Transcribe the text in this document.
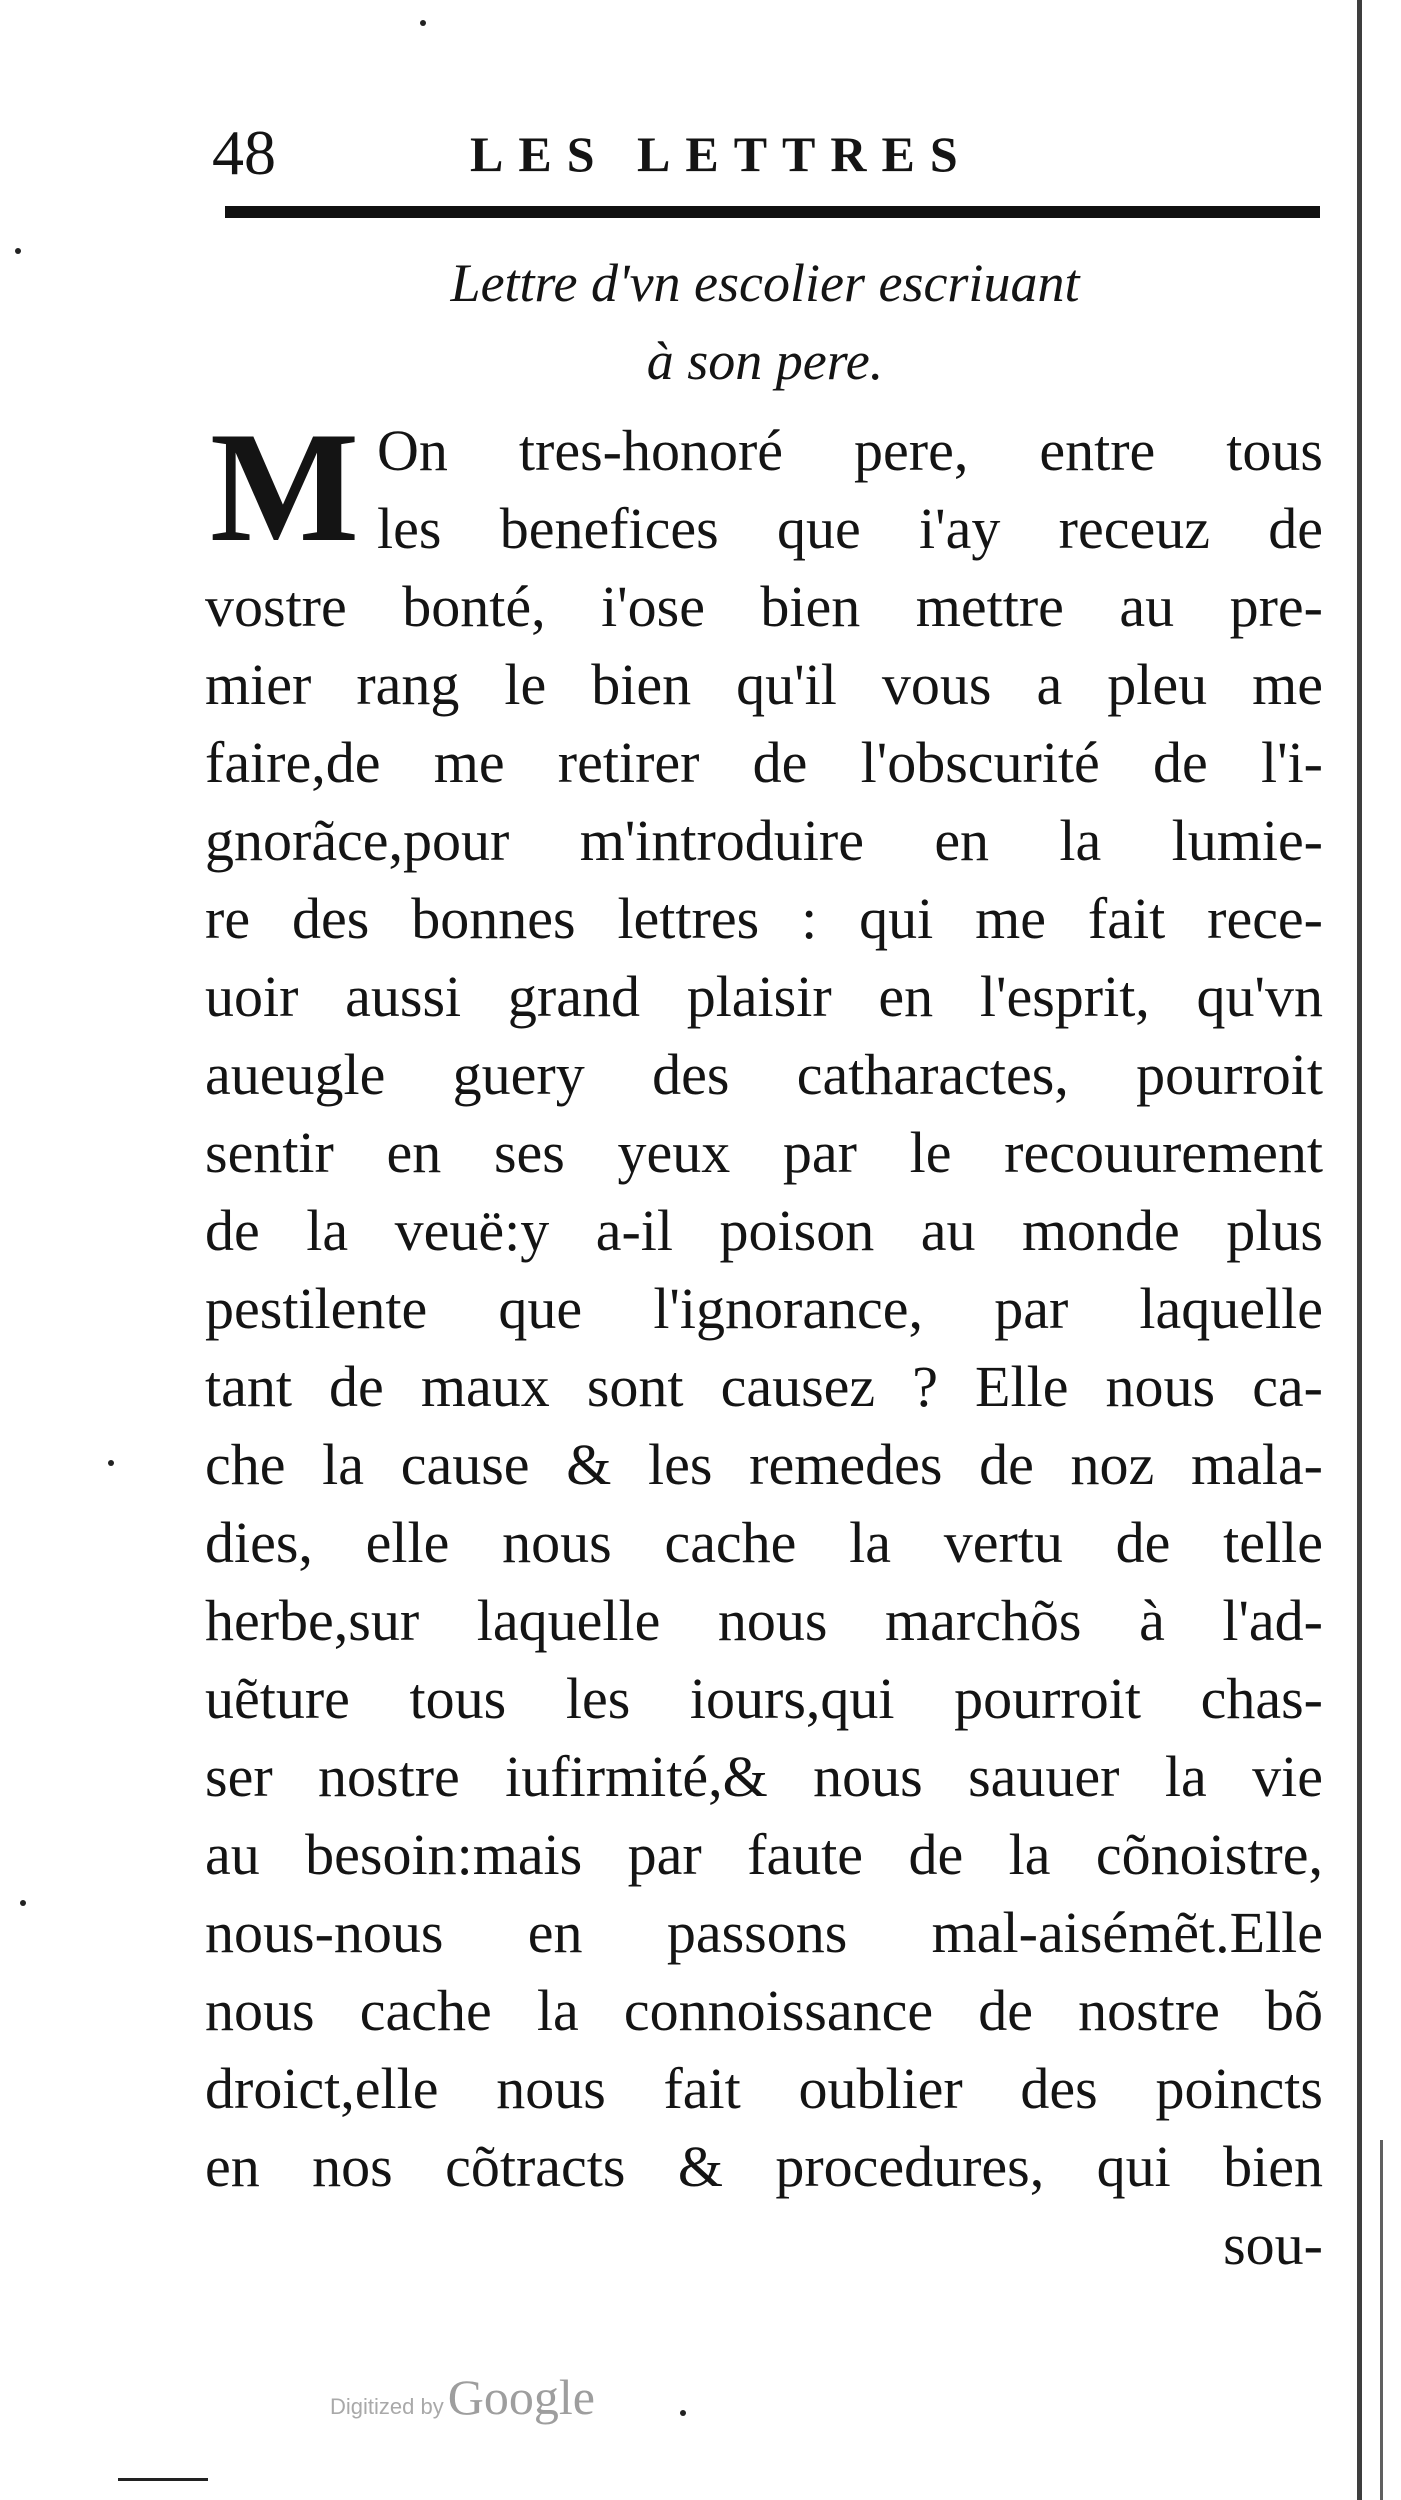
48	LES LETTRES
Lettre d'vn escolier escriuant
à son pere.
M On tres-honoré pere, entre tous
les benefices que i'ay receuz de
vostre bonté, i'ose bien mettre au pre-
mier rang le bien qu'il vous a pleu me
faire,de me retirer de l'obscurité de l'i-
gnorãce,pour m'introduire en la lumie-
re des bonnes lettres : qui me fait rece-
uoir aussi grand plaisir en l'esprit, qu'vn
aueugle guery des catharactes, pourroit
sentir en ses yeux par le recouurement
de la veuë:y a-il poison au monde plus
pestilente que l'ignorance, par laquelle
tant de maux sont causez ? Elle nous ca-
che la cause & les remedes de noz mala-
dies, elle nous cache la vertu de telle
herbe,sur laquelle nous marchõs à l'ad-
uẽture tous les iours,qui pourroit chas-
ser nostre iufirmité,& nous sauuer la vie
au besoin:mais par faute de la cõnoistre,
nous-nous en passons mal-aisémẽt.Elle
nous cache la connoissance de nostre bõ
droict,elle nous fait oublier des poincts
en nos cõtracts & procedures, qui bien
sou-
Digitized by Google
